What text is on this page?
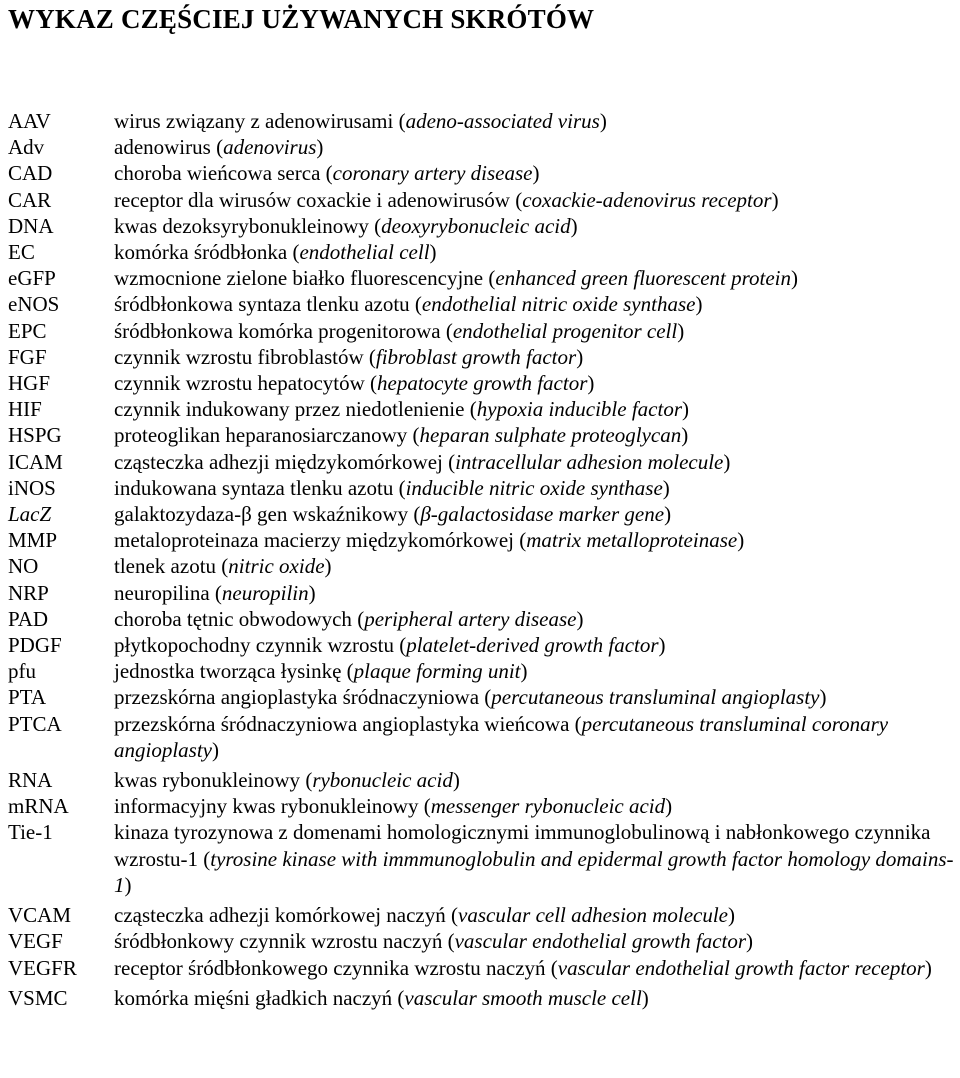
WYKAZ CZĘŚCIEJ UŻYWANYCH SKRÓTÓW
AAV	wirus związany z adenowirusami (adeno-associated virus)
Adv	adenowirus (adenovirus)
CAD	choroba wieńcowa serca (coronary artery disease)
CAR	receptor dla wirusów coxackie i adenowirusów (coxackie-adenovirus receptor)
DNA	kwas dezoksyrybonukleinowy (deoxyrybonucleic acid)
EC	komórka śródbłonka (endothelial cell)
eGFP	wzmocnione zielone białko fluorescencyjne (enhanced green fluorescent protein)
eNOS	śródbłonkowa syntaza tlenku azotu (endothelial nitric oxide synthase)
EPC	śródbłonkowa komórka progenitorowa (endothelial progenitor cell)
FGF	czynnik wzrostu fibroblastów (fibroblast growth factor)
HGF	czynnik wzrostu hepatocytów (hepatocyte growth factor)
HIF	czynnik indukowany przez niedotlenienie (hypoxia inducible factor)
HSPG	proteoglikan heparanosiarczanowy (heparan sulphate proteoglycan)
ICAM	cząsteczka adhezji międzykomórkowej (intracellular adhesion molecule)
iNOS	indukowana syntaza tlenku azotu (inducible nitric oxide synthase)
LacZ	galaktozydaza-β gen wskaźnikowy (β-galactosidase marker gene)
MMP	metaloproteinaza macierzy międzykomórkowej (matrix metalloproteinase)
NO	tlenek azotu (nitric oxide)
NRP	neuropilina (neuropilin)
PAD	choroba tętnic obwodowych (peripheral artery disease)
PDGF	płytkopochodny czynnik wzrostu (platelet-derived growth factor)
pfu	jednostka tworząca łysinkę (plaque forming unit)
PTA	przezskórna angioplastyka śródnaczyniowa (percutaneous transluminal angioplasty)
PTCA	przezskórna śródnaczyniowa angioplastyka wieńcowa (percutaneous transluminal coronary angioplasty)
RNA	kwas rybonukleinowy (rybonucleic acid)
mRNA	informacyjny kwas rybonukleinowy (messenger rybonucleic acid)
Tie-1	kinaza tyrozynowa z domenami homologicznymi immunoglobulinową i nabłonkowego czynnika wzrostu-1 (tyrosine kinase with immmunoglobulin and epidermal growth factor homology domains-1)
VCAM	cząsteczka adhezji komórkowej naczyń (vascular cell adhesion molecule)
VEGF	śródbłonkowy czynnik wzrostu naczyń (vascular endothelial growth factor)
VEGFR	receptor śródbłonkowego czynnika wzrostu naczyń (vascular endothelial growth factor receptor)
VSMC	komórka mięśni gładkich naczyń (vascular smooth muscle cell)
